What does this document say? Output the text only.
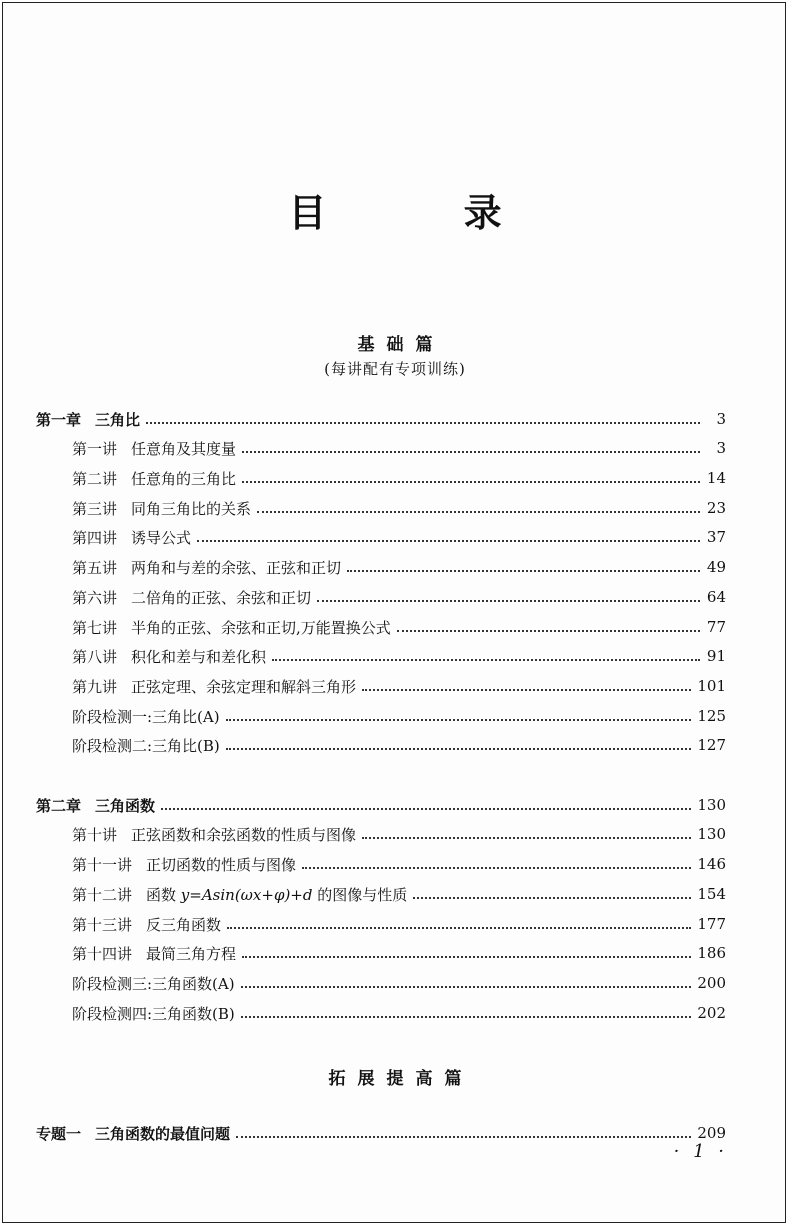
目 录
基础篇
(每讲配有专项训练)
第一章 三角比	3
第一讲 任意角及其度量	3
第二讲 任意角的三角比	14
第三讲 同角三角比的关系	23
第四讲 诱导公式	37
第五讲 两角和与差的余弦、正弦和正切	49
第六讲 二倍角的正弦、余弦和正切	64
第七讲 半角的正弦、余弦和正切,万能置换公式	77
第八讲 积化和差与和差化积	91
第九讲 正弦定理、余弦定理和解斜三角形	101
阶段检测一:三角比(A)	125
阶段检测二:三角比(B)	127
第二章 三角函数	130
第十讲 正弦函数和余弦函数的性质与图像	130
第十一讲 正切函数的性质与图像	146
第十二讲 函数 y=Asin(ωx+φ)+d 的图像与性质	154
第十三讲 反三角函数	177
第十四讲 最简三角方程	186
阶段检测三:三角函数(A)	200
阶段检测四:三角函数(B)	202
拓展提高篇
专题一 三角函数的最值问题	209
· 1 ·
